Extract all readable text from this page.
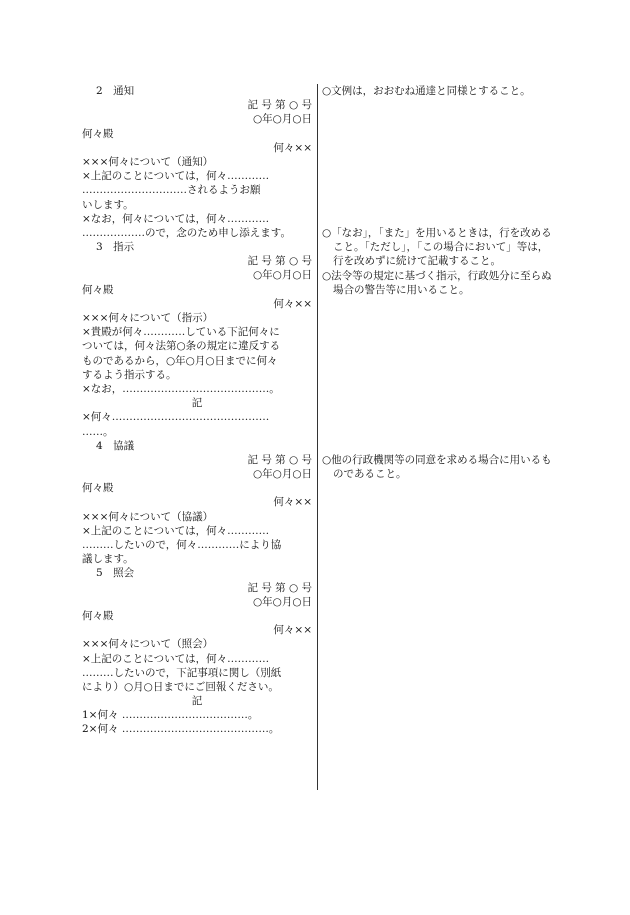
2　通知
記 号 第 ○ 号
○年○月○日
何々殿
何々××
×××何々について（通知）
×上記のことについては，何々…………
…………………………されるようお願
いします。
×なお，何々については，何々…………
………………ので，念のため申し添えます。
3　指示
記 号 第 ○ 号
○年○月○日
何々殿
何々××
×××何々について（指示）
×貴殿が何々…………している下記何々に
ついては，何々法第○条の規定に違反する
ものであるから，○年○月○日までに何々
するよう指示する。
×なお，……………………………………。
記
×何々………………………………………
……。
4　協議
記 号 第 ○ 号
○年○月○日
何々殿
何々××
×××何々について（協議）
×上記のことについては，何々…………
………したいので，何々…………により協
議します。
5　照会
記 号 第 ○ 号
○年○月○日
何々殿
何々××
×××何々について（照会）
×上記のことについては，何々…………
………したいので，下記事項に関し（別紙
により）○月○日までにご回報ください。
記
1×何々 ………………………………。
2×何々 ……………………………………。
○文例は，おおむね通達と同様とすること。
○「なお」，「また」を用いるときは，行を改めること。「ただし」，「この場合において」等は，行を改めずに続けて記載すること。
○法令等の規定に基づく指示，行政処分に至らぬ場合の警告等に用いること。
○他の行政機関等の同意を求める場合に用いるものであること。
